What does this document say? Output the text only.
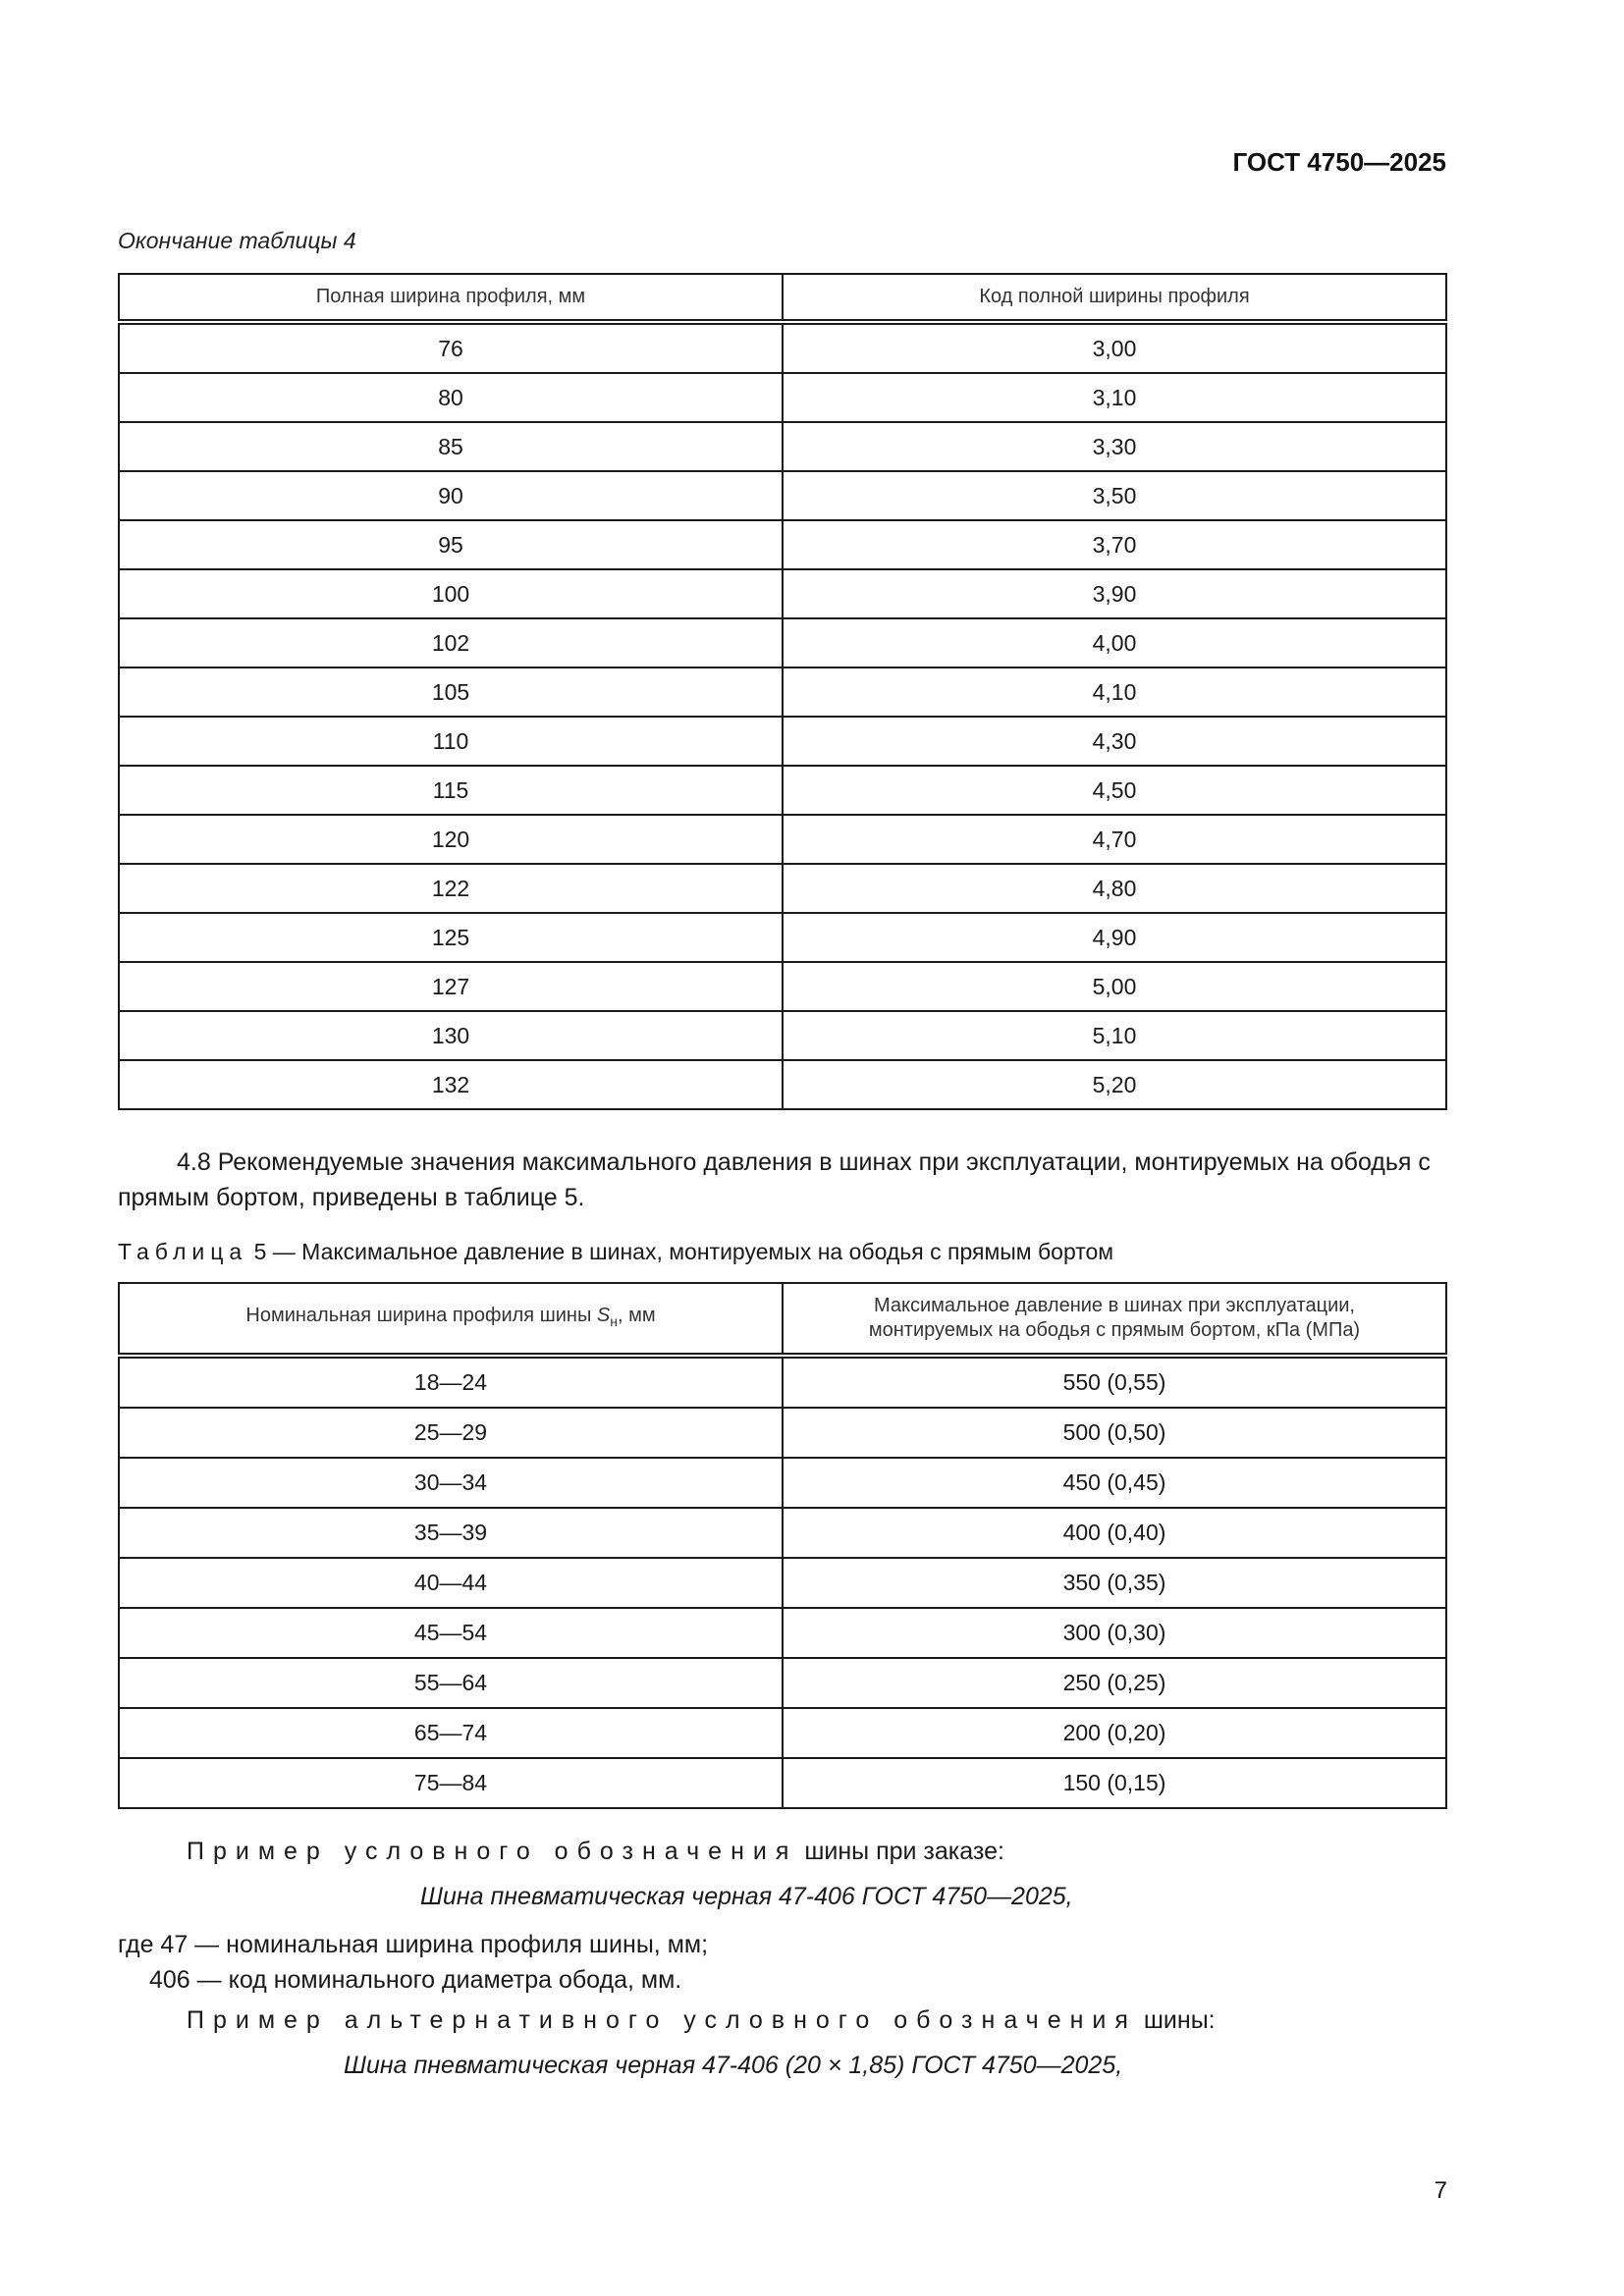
ГОСТ 4750—2025
Окончание таблицы 4
Полная ширина профиля, мм	Код полной ширины профиля
76	3,00
80	3,10
85	3,30
90	3,50
95	3,70
100	3,90
102	4,00
105	4,10
110	4,30
115	4,50
120	4,70
122	4,80
125	4,90
127	5,00
130	5,10
132	5,20
4.8 Рекомендуемые значения максимального давления в шинах при эксплуатации, монтируемых на ободья с прямым бортом, приведены в таблице 5.
Таблица 5 — Максимальное давление в шинах, монтируемых на ободья с прямым бортом
Номинальная ширина профиля шины $S_н$, мм	Максимальное давление в шинах при эксплуатации,
монтируемых на ободья с прямым бортом, кПа (МПа)
18—24	550 (0,55)
25—29	500 (0,50)
30—34	450 (0,45)
35—39	400 (0,40)
40—44	350 (0,35)
45—54	300 (0,30)
55—64	250 (0,25)
65—74	200 (0,20)
75—84	150 (0,15)
Пример условного обозначения шины при заказе:
Шина пневматическая черная 47-406 ГОСТ 4750—2025,
где 47 — номинальная ширина профиля шины, мм;
406 — код номинального диаметра обода, мм.
Пример альтернативного условного обозначения шины:
Шина пневматическая черная 47-406 (20 × 1,85) ГОСТ 4750—2025,
7
